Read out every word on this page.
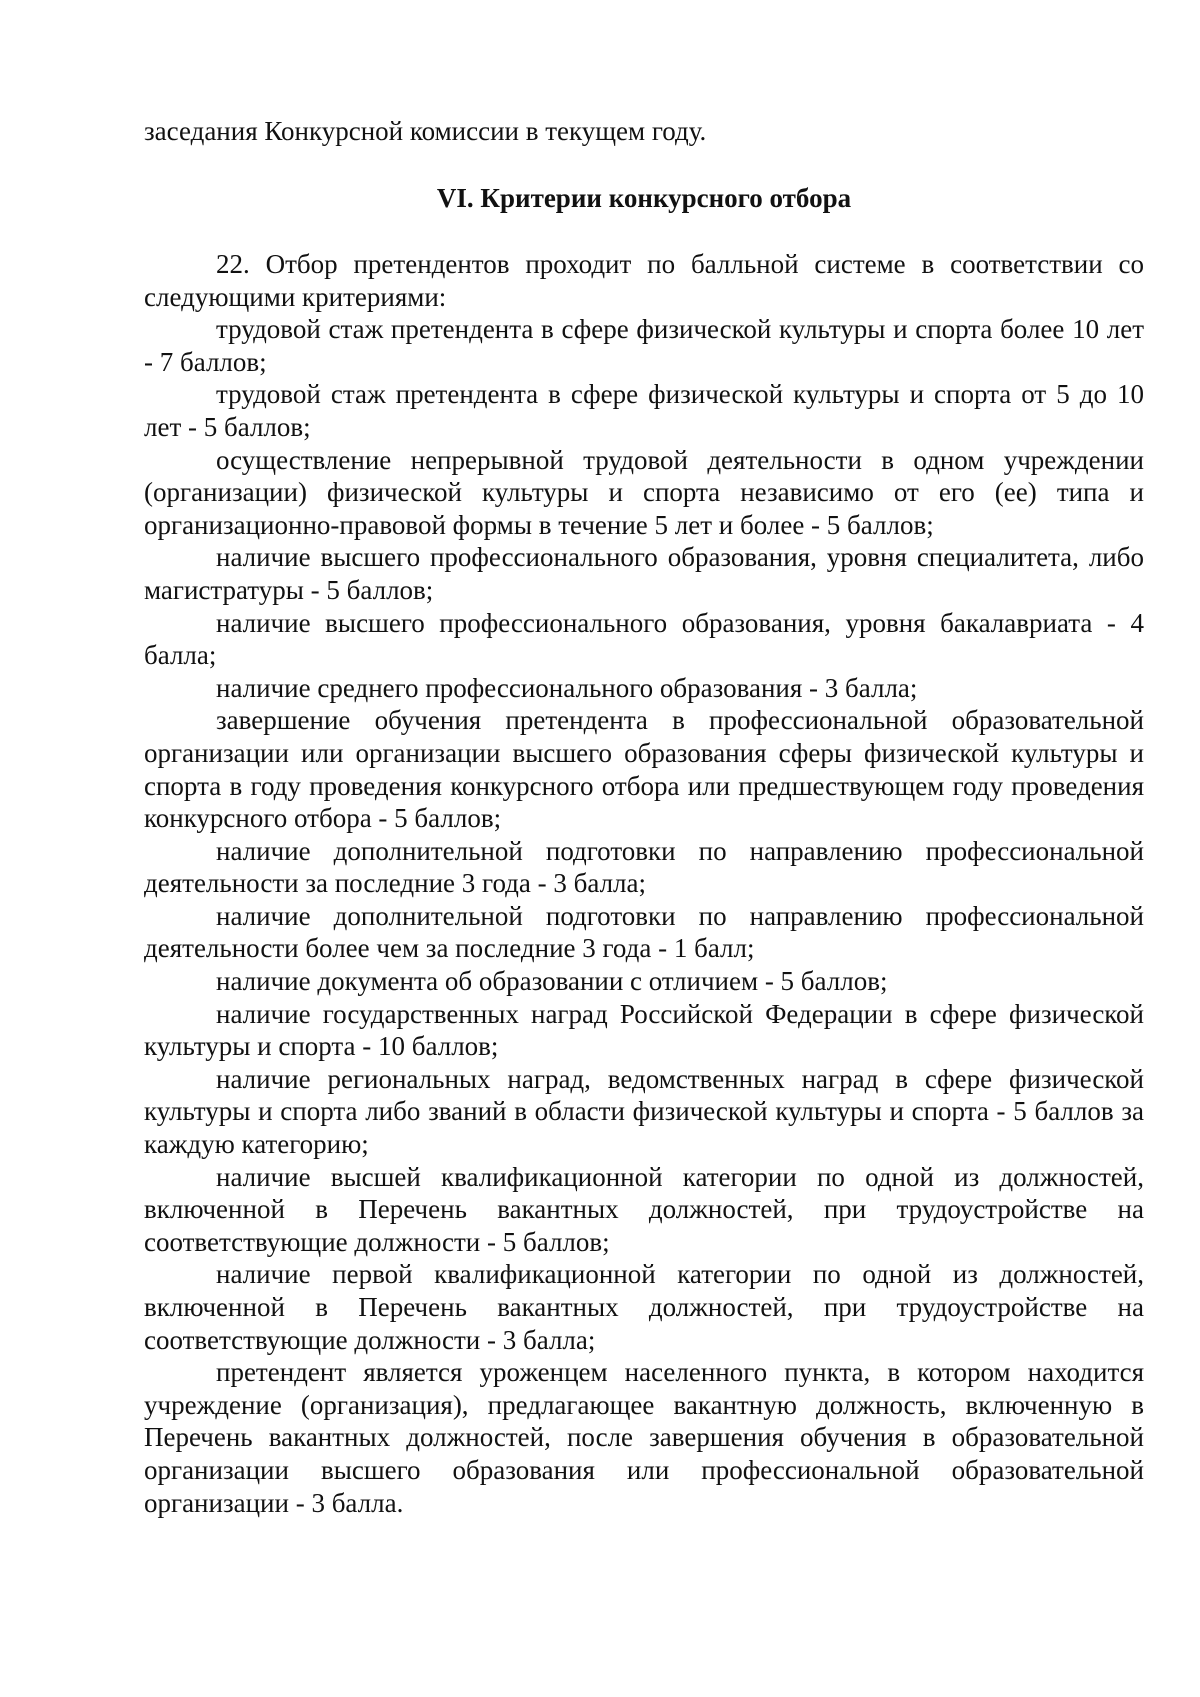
заседания Конкурсной комиссии в текущем году.

VI. Критерии конкурсного отбора

22. Отбор претендентов проходит по балльной системе в соответствии со следующими критериями:

трудовой стаж претендента в сфере физической культуры и спорта более 10 лет - 7 баллов;
трудовой стаж претендента в сфере физической культуры и спорта от 5 до 10 лет - 5 баллов;
осуществление непрерывной трудовой деятельности в одном учреждении (организации) физической культуры и спорта независимо от его (ее) типа и организационно-правовой формы в течение 5 лет и более - 5 баллов;
наличие высшего профессионального образования, уровня специалитета, либо магистратуры - 5 баллов;
наличие высшего профессионального образования, уровня бакалавриата - 4 балла;
наличие среднего профессионального образования - 3 балла;
завершение обучения претендента в профессиональной образовательной организации или организации высшего образования сферы физической культуры и спорта в году проведения конкурсного отбора или предшествующем году проведения конкурсного отбора - 5 баллов;
наличие дополнительной подготовки по направлению профессиональной деятельности за последние 3 года - 3 балла;
наличие дополнительной подготовки по направлению профессиональной деятельности более чем за последние 3 года - 1 балл;
наличие документа об образовании с отличием - 5 баллов;
наличие государственных наград Российской Федерации в сфере физической культуры и спорта - 10 баллов;
наличие региональных наград, ведомственных наград в сфере физической культуры и спорта либо званий в области физической культуры и спорта - 5 баллов за каждую категорию;
наличие высшей квалификационной категории по одной из должностей, включенной в Перечень вакантных должностей, при трудоустройстве на соответствующие должности - 5 баллов;
наличие первой квалификационной категории по одной из должностей, включенной в Перечень вакантных должностей, при трудоустройстве на соответствующие должности - 3 балла;
претендент является уроженцем населенного пункта, в котором находится учреждение (организация), предлагающее вакантную должность, включенную в Перечень вакантных должностей, после завершения обучения в образовательной организации высшего образования или профессиональной образовательной организации - 3 балла.
